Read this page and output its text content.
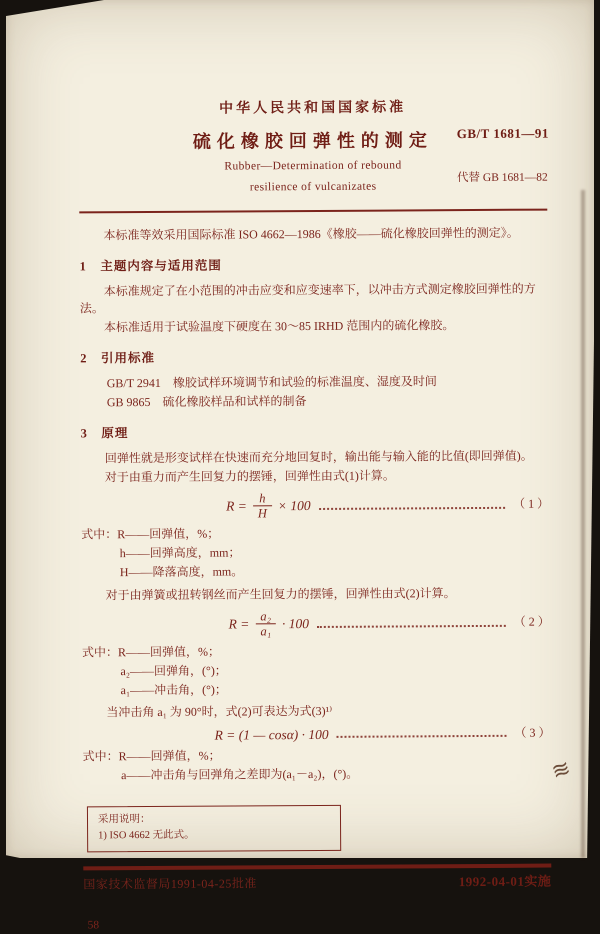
中华人民共和国国家标准
硫化橡胶回弹性的测定
Rubber—Determination of rebound
resilience of vulcanizates
GB/T 1681—91
代替 GB 1681—82

本标准等效采用国际标准 ISO 4662—1986《橡胶——硫化橡胶回弹性的测定》。

1　主题内容与适用范围

本标准规定了在小范围的冲击应变和应变速率下，以冲击方式测定橡胶回弹性的方法。

本标准适用于试验温度下硬度在 30～85 IRHD 范围内的硫化橡胶。

2　引用标准

GB/T 2941　橡胶试样环境调节和试验的标准温度、湿度及时间

GB 9865　硫化橡胶样品和试样的制备

3　原理

回弹性就是形变试样在快速而充分地回复时，输出能与输入能的比值(即回弹值)。

对于由重力而产生回复力的摆锤，回弹性由式(1)计算。

$R = \frac{h}{H} \times 100$	（ 1 ）

式中：R——回弹值，%；

h——回弹高度，mm；

H——降落高度，mm。

对于由弹簧或扭转钢丝而产生回复力的摆锤，回弹性由式(2)计算。

$R = \frac{\text{a₂}}{\text{a₁}} \cdot 100$	（ 2 ）

式中：R——回弹值，%；

a₂——回弹角，(°)；

a₁——冲击角，(°)；

当冲击角 a₁ 为 90°时，式(2)可表达为式(3)¹⁾

R = (1 — cosα) · 100	（ 3 ）

式中：R——回弹值，%；

a——冲击角与回弹角之差即为(a₁－a₂)，(°)。

采用说明：
1) ISO 4662 无此式。
国家技术监督局1991-04-25批准	1992-04-01实施
58
≋
